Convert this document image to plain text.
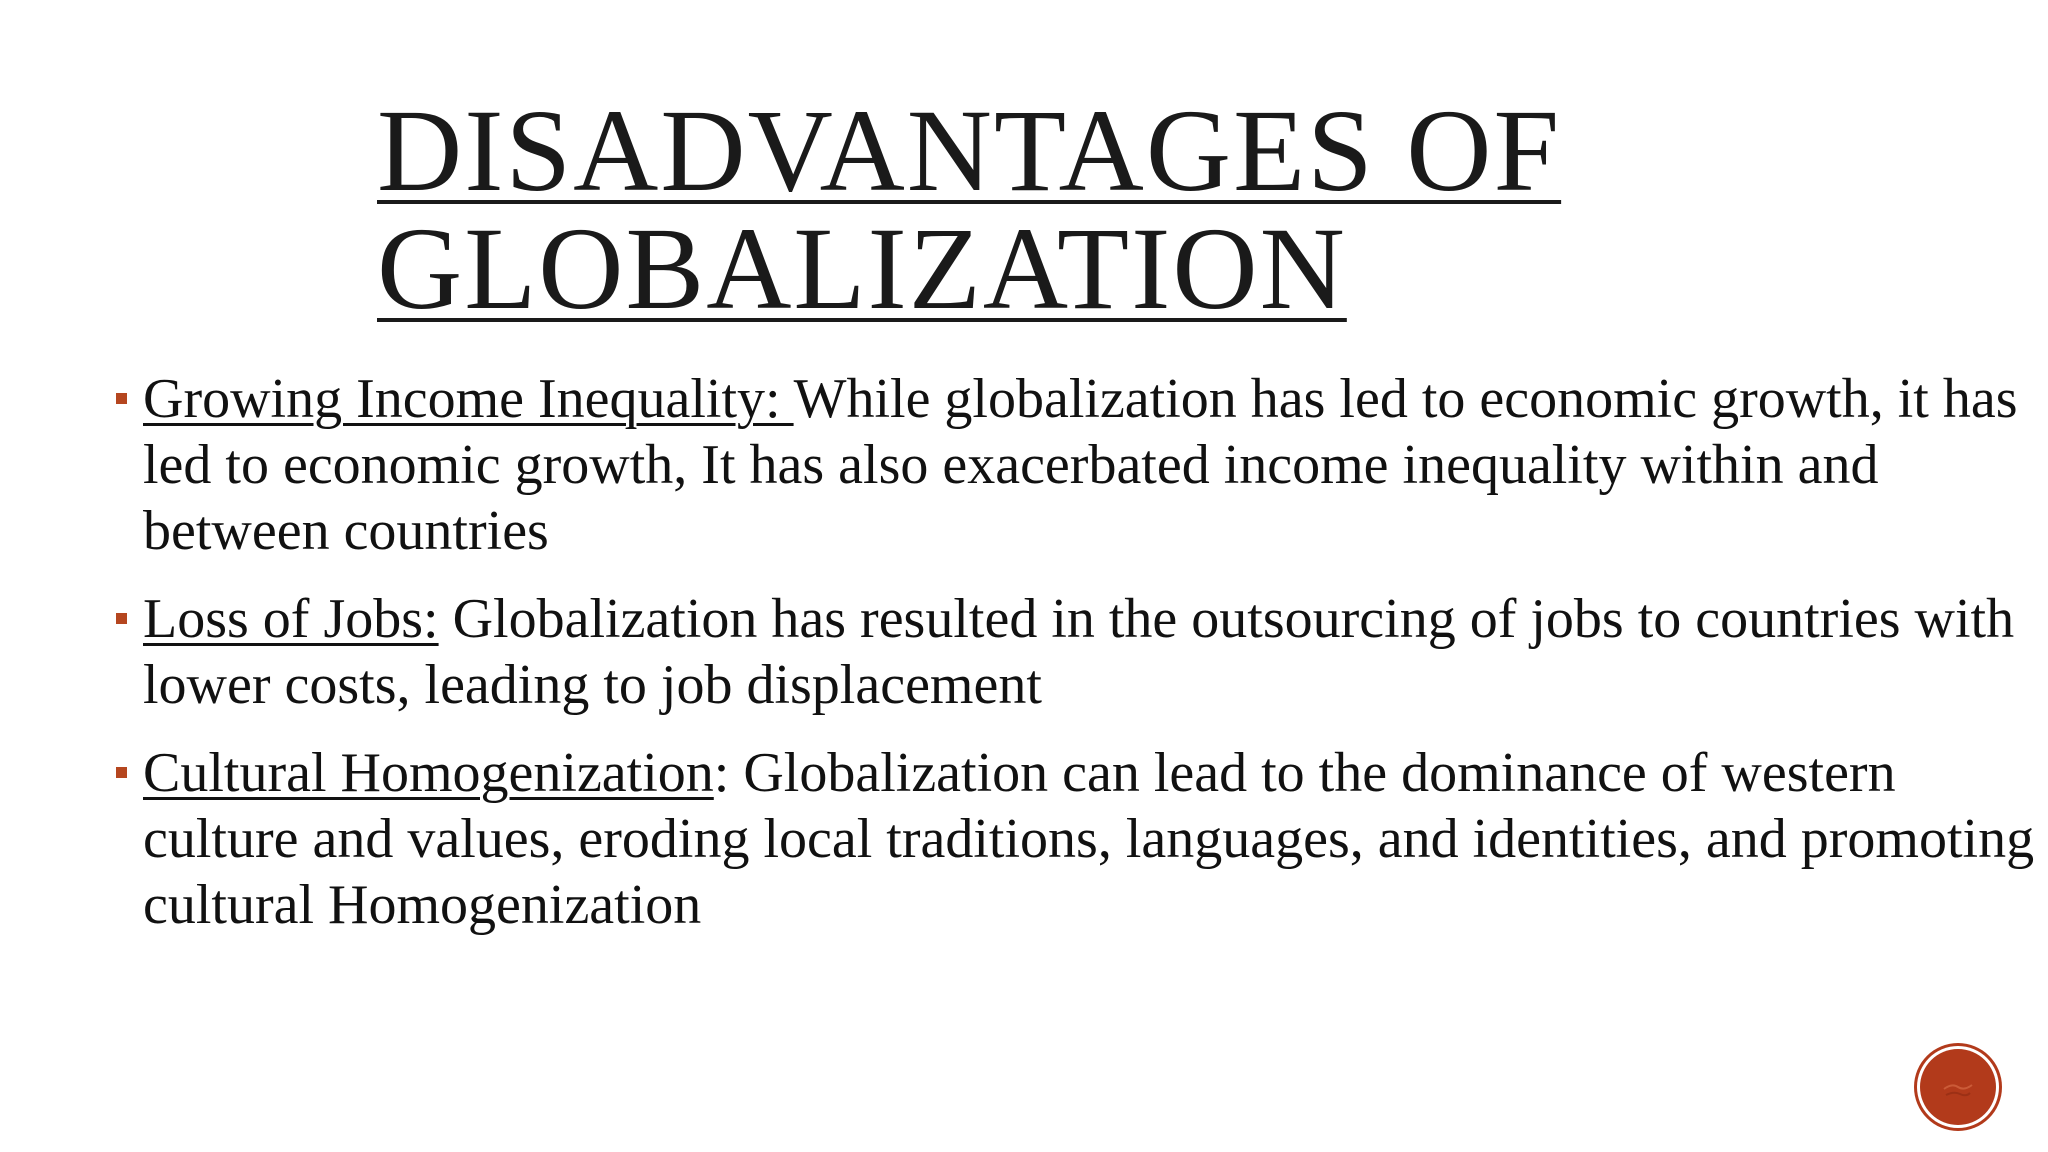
DISADVANTAGES OF
GLOBALIZATION
Growing Income Inequality: While globalization has led to economic growth, it has led to economic growth, It has also exacerbated income inequality within and between countries
Loss of Jobs: Globalization has resulted in the outsourcing of jobs to countries with lower costs, leading to job displacement
Cultural Homogenization: Globalization can lead to the dominance of western culture and values, eroding local traditions, languages, and identities, and promoting cultural Homogenization
